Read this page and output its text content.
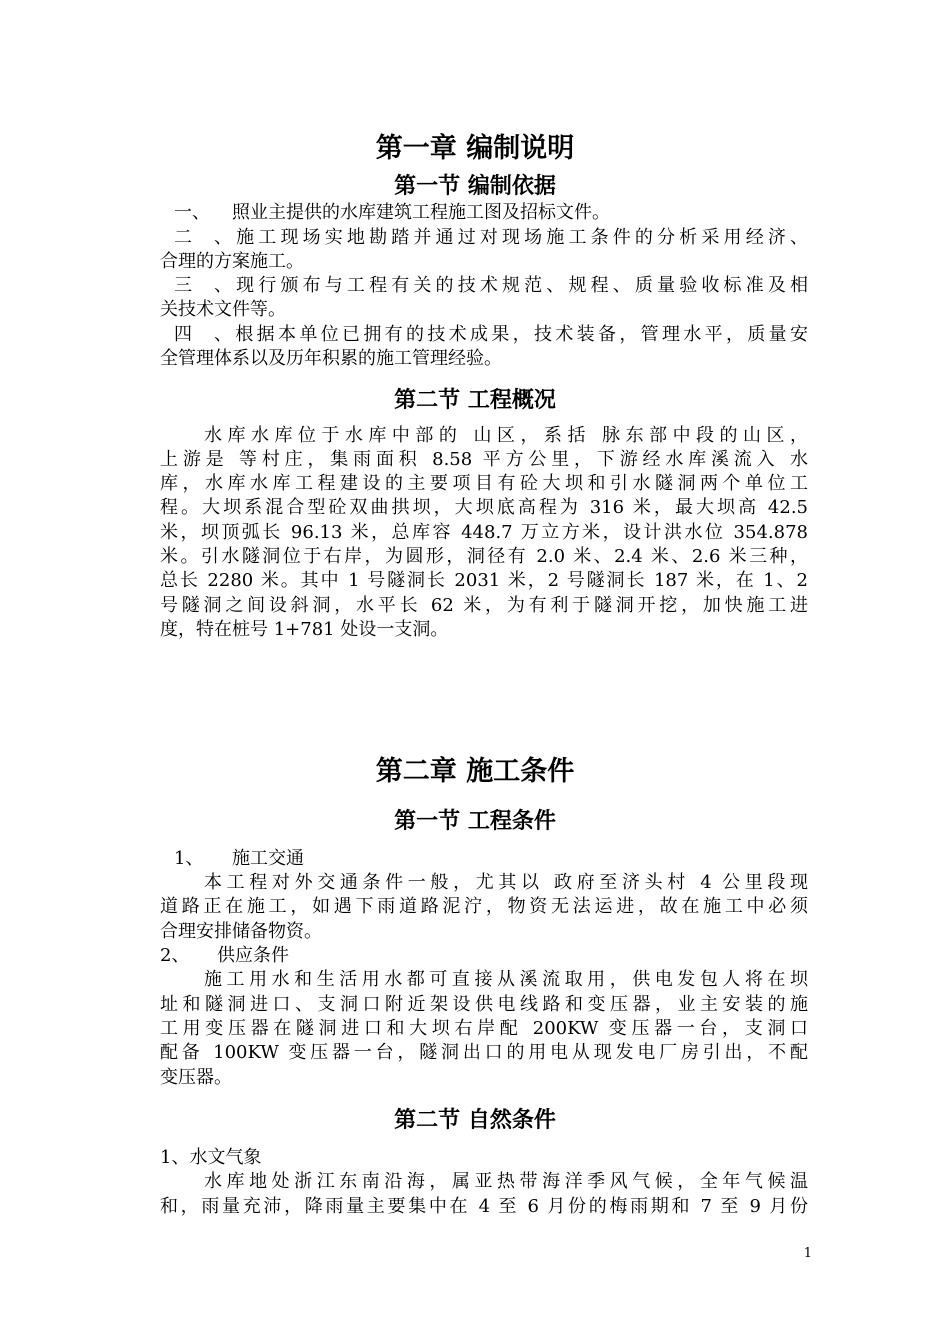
第一章 编制说明
第一节 编制依据

一、 照业主提供的水库建筑工程施工图及招标文件。

二、施工现场实地勘踏并通过对现场施工条件的分析采用经济、

合理的方案施工。

三、现行颁布与工程有关的技术规范、规程、质量验收标准及相

关技术文件等。

四、根据本单位已拥有的技术成果，技术装备，管理水平，质量安

全管理体系以及历年积累的施工管理经验。

第二节 工程概况

水库水库位于水库中部的 山区，系括 脉东部中段的山区，

上游是 等村庄，集雨面积 8.58 平方公里，下游经水库溪流入 水

库，水库水库工程建设的主要项目有砼大坝和引水隧洞两个单位工

程。大坝系混合型砼双曲拱坝，大坝底高程为 316 米，最大坝高 42.5

米，坝顶弧长 96.13 米，总库容 448.7 万立方米，设计洪水位 354.878

米。引水隧洞位于右岸，为圆形，洞径有 2.0 米、2.4 米、2.6 米三种，

总长 2280 米。其中 1 号隧洞长 2031 米，2 号隧洞长 187 米，在 1、2

号隧洞之间设斜洞，水平长 62 米，为有利于隧洞开挖，加快施工进

度，特在桩号 1+781 处设一支洞。

第二章 施工条件
第一节 工程条件

1、 施工交通

本工程对外交通条件一般，尤其以 政府至济头村 4 公里段现

道路正在施工，如遇下雨道路泥泞，物资无法运进，故在施工中必须

合理安排储备物资。

2、 供应条件

施工用水和生活用水都可直接从溪流取用，供电发包人将在坝

址和隧洞进口、支洞口附近架设供电线路和变压器，业主安装的施

工用变压器在隧洞进口和大坝右岸配 200KW 变压器一台，支洞口

配备 100KW 变压器一台，隧洞出口的用电从现发电厂房引出，不配

变压器。

第二节 自然条件

1、水文气象

水库地处浙江东南沿海，属亚热带海洋季风气候，全年气候温

和，雨量充沛，降雨量主要集中在 4 至 6 月份的梅雨期和 7 至 9 月份

1
